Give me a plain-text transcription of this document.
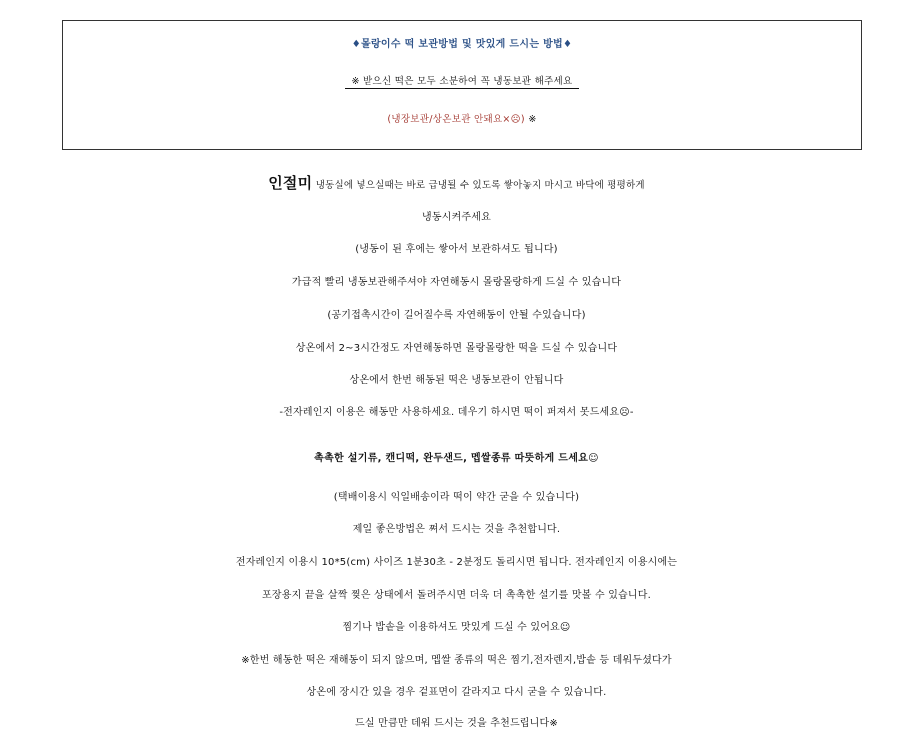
♦몰랑이수 떡 보관방법 및 맛있게 드시는 방법♦
※ 받으신 떡은 모두 소분하여 꼭 냉동보관 해주세요
(냉장보관/상온보관 안돼요×☹) ※
인절미 냉동실에 넣으실때는 바로 급냉될 수 있도록 쌓아놓지 마시고 바닥에 평평하게
냉동시켜주세요
(냉동이 된 후에는 쌓아서 보관하셔도 됩니다)
가급적 빨리 냉동보관해주셔야 자연해동시 몰랑몰랑하게 드실 수 있습니다
(공기접촉시간이 길어질수록 자연해동이 안될 수있습니다)
상온에서 2~3시간정도 자연해동하면 몰랑몰랑한 떡을 드실 수 있습니다
상온에서 한번 해동된 떡은 냉동보관이 안됩니다
-전자레인지 이용은 해동만 사용하세요. 데우기 하시면 떡이 퍼져서 못드세요☹-
촉촉한 설기류, 캔디떡, 완두샌드, 멥쌀종류 따뜻하게 드세요☺
(택배이용시 익일배송이라 떡이 약간 굳을 수 있습니다)
제일 좋은방법은 쪄서 드시는 것을 추천합니다.
전자레인지 이용시 10*5(cm) 사이즈 1분30초 - 2분정도 돌리시면 됩니다. 전자레인지 이용시에는
포장용지 끝을 살짝 찢은 상태에서 돌려주시면 더욱 더 촉촉한 설기를 맛볼 수 있습니다.
찜기나 밥솥을 이용하셔도 맛있게 드실 수 있어요☺
※한번 해동한 떡은 재해동이 되지 않으며, 멥쌀 종류의 떡은 찜기,전자렌지,밥솥 등 데워두셨다가
상온에 장시간 있을 경우 겉표면이 갈라지고 다시 굳을 수 있습니다.
드실 만큼만 데워 드시는 것을 추천드립니다※
